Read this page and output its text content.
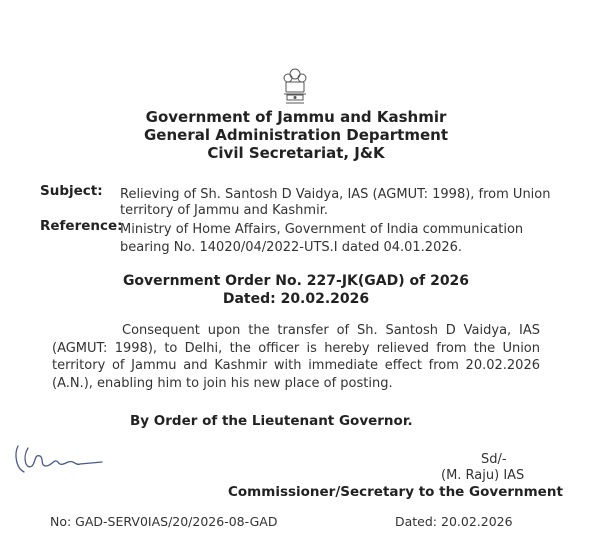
Government of Jammu and Kashmir
General Administration Department
Civil Secretariat, J&K
Subject: Relieving of Sh. Santosh D Vaidya, IAS (AGMUT: 1998), from Union
territory of Jammu and Kashmir.
Reference:
Ministry of Home Affairs, Government of India communication
bearing No. 14020/04/2022-UTS.I dated 04.01.2026.
Government Order No. 227-JK(GAD) of 2026
Dated: 20.02.2026
Consequent upon the transfer of Sh. Santosh D Vaidya, IAS (AGMUT: 1998), to Delhi, the officer is hereby relieved from the Union territory of Jammu and Kashmir with immediate effect from 20.02.2026 (A.N.), enabling him to join his new place of posting.
By Order of the Lieutenant Governor.
Sd/-
(M. Raju) IAS
Commissioner/Secretary to the Government
No: GAD-SERV0IAS/20/2026-08-GAD	Dated: 20.02.2026
